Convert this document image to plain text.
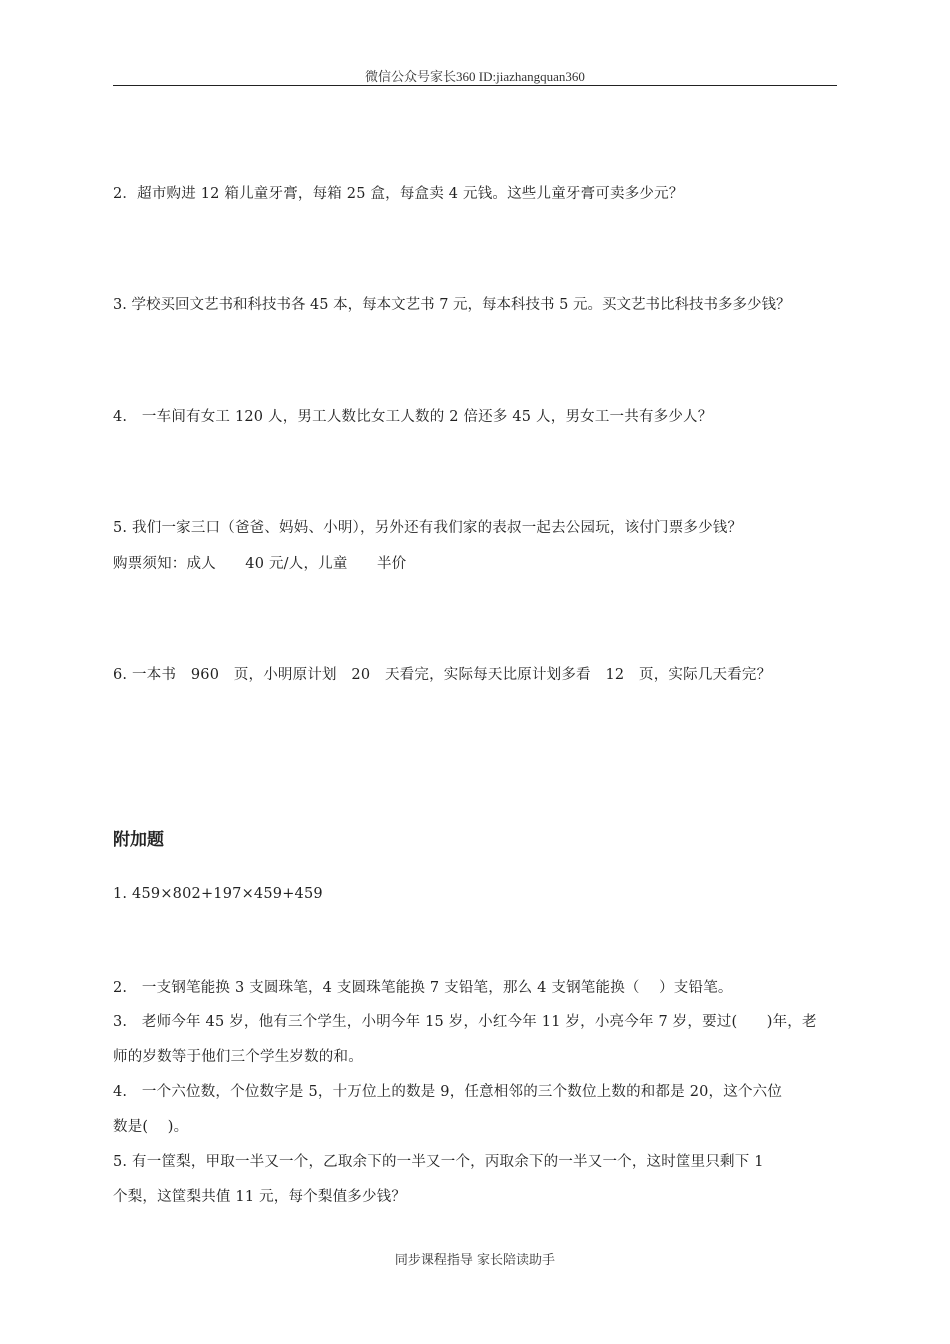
微信公众号家长360 ID:jiazhangquan360
2．超市购进 12 箱儿童牙膏，每箱 25 盒，每盒卖 4 元钱。这些儿童牙膏可卖多少元？
3. 学校买回文艺书和科技书各 45 本，每本文艺书 7 元，每本科技书 5 元。买文艺书比科技书多多少钱？
4.　一车间有女工 120 人，男工人数比女工人数的 2 倍还多 45 人，男女工一共有多少人？
5. 我们一家三口（爸爸、妈妈、小明），另外还有我们家的表叔一起去公园玩，该付门票多少钱？
购票须知：成人　　40 元/人，儿童　　半价
6. 一本书　960　页，小明原计划　20　天看完，实际每天比原计划多看　12　页，实际几天看完？
附加题
1. 459×802+197×459+459
2.　一支钢笔能换 3 支圆珠笔，4 支圆珠笔能换 7 支铅笔，那么 4 支钢笔能换（　 ）支铅笔。
3.　老师今年 45 岁，他有三个学生，小明今年 15 岁，小红今年 11 岁，小亮今年 7 岁，要过(　　)年，老
师的岁数等于他们三个学生岁数的和。
4.　一个六位数，个位数字是 5，十万位上的数是 9，任意相邻的三个数位上数的和都是 20，这个六位
数是(　 )。
5. 有一筐梨，甲取一半又一个，乙取余下的一半又一个，丙取余下的一半又一个，这时筐里只剩下 1
个梨，这筐梨共值 11 元，每个梨值多少钱？
同步课程指导 家长陪读助手
